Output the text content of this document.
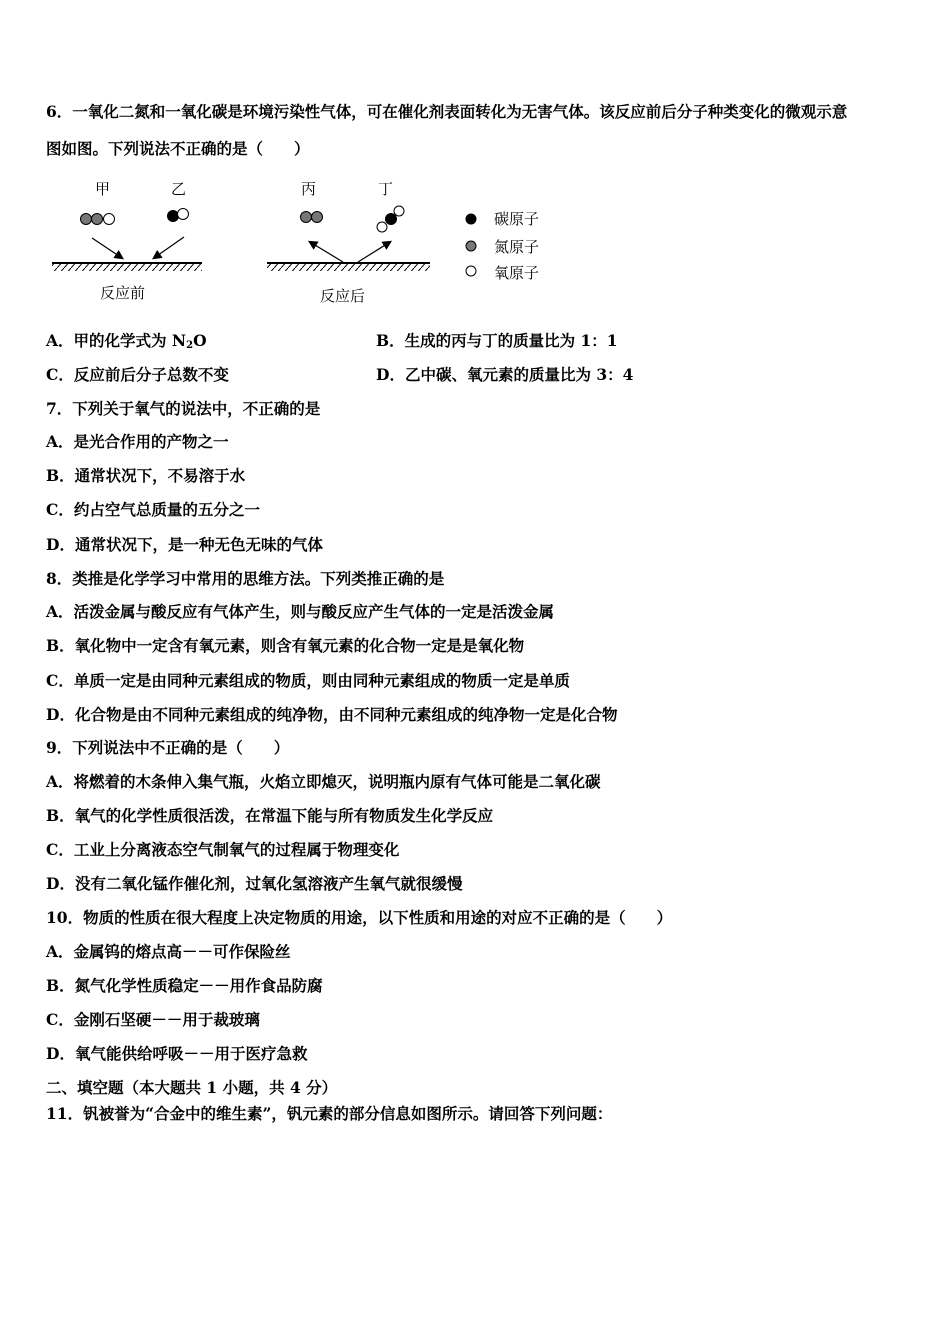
6．一氧化二氮和一氧化碳是环境污染性气体，可在催化剂表面转化为无害气体。该反应前后分子种类变化的微观示意
图如图。下列说法不正确的是（　　）
甲	乙	丙	丁
反应前	反应后
碳原子
氮原子
氧原子
A．甲的化学式为 $N_2O$	B．生成的丙与丁的质量比为 1：1
C．反应前后分子总数不变	D．乙中碳、氧元素的质量比为 3：4
7．下列关于氧气的说法中，不正确的是
A．是光合作用的产物之一
B．通常状况下，不易溶于水
C．约占空气总质量的五分之一
D．通常状况下，是一种无色无味的气体
8．类推是化学学习中常用的思维方法。下列类推正确的是
A．活泼金属与酸反应有气体产生，则与酸反应产生气体的一定是活泼金属
B．氧化物中一定含有氧元素，则含有氧元素的化合物一定是是氧化物
C．单质一定是由同种元素组成的物质，则由同种元素组成的物质一定是单质
D．化合物是由不同种元素组成的纯净物，由不同种元素组成的纯净物一定是化合物
9．下列说法中不正确的是（　　）
A．将燃着的木条伸入集气瓶，火焰立即熄灭，说明瓶内原有气体可能是二氧化碳
B．氧气的化学性质很活泼，在常温下能与所有物质发生化学反应
C．工业上分离液态空气制氧气的过程属于物理变化
D．没有二氧化锰作催化剂，过氧化氢溶液产生氧气就很缓慢
10．物质的性质在很大程度上决定物质的用途，以下性质和用途的对应不正确的是（　　）
A．金属钨的熔点高－－可作保险丝
B．氮气化学性质稳定－－用作食品防腐
C．金刚石坚硬－－用于裁玻璃
D．氧气能供给呼吸－－用于医疗急救
二、填空题（本大题共 1 小题，共 4 分）
11．钒被誉为“合金中的维生素”，钒元素的部分信息如图所示。请回答下列问题：
